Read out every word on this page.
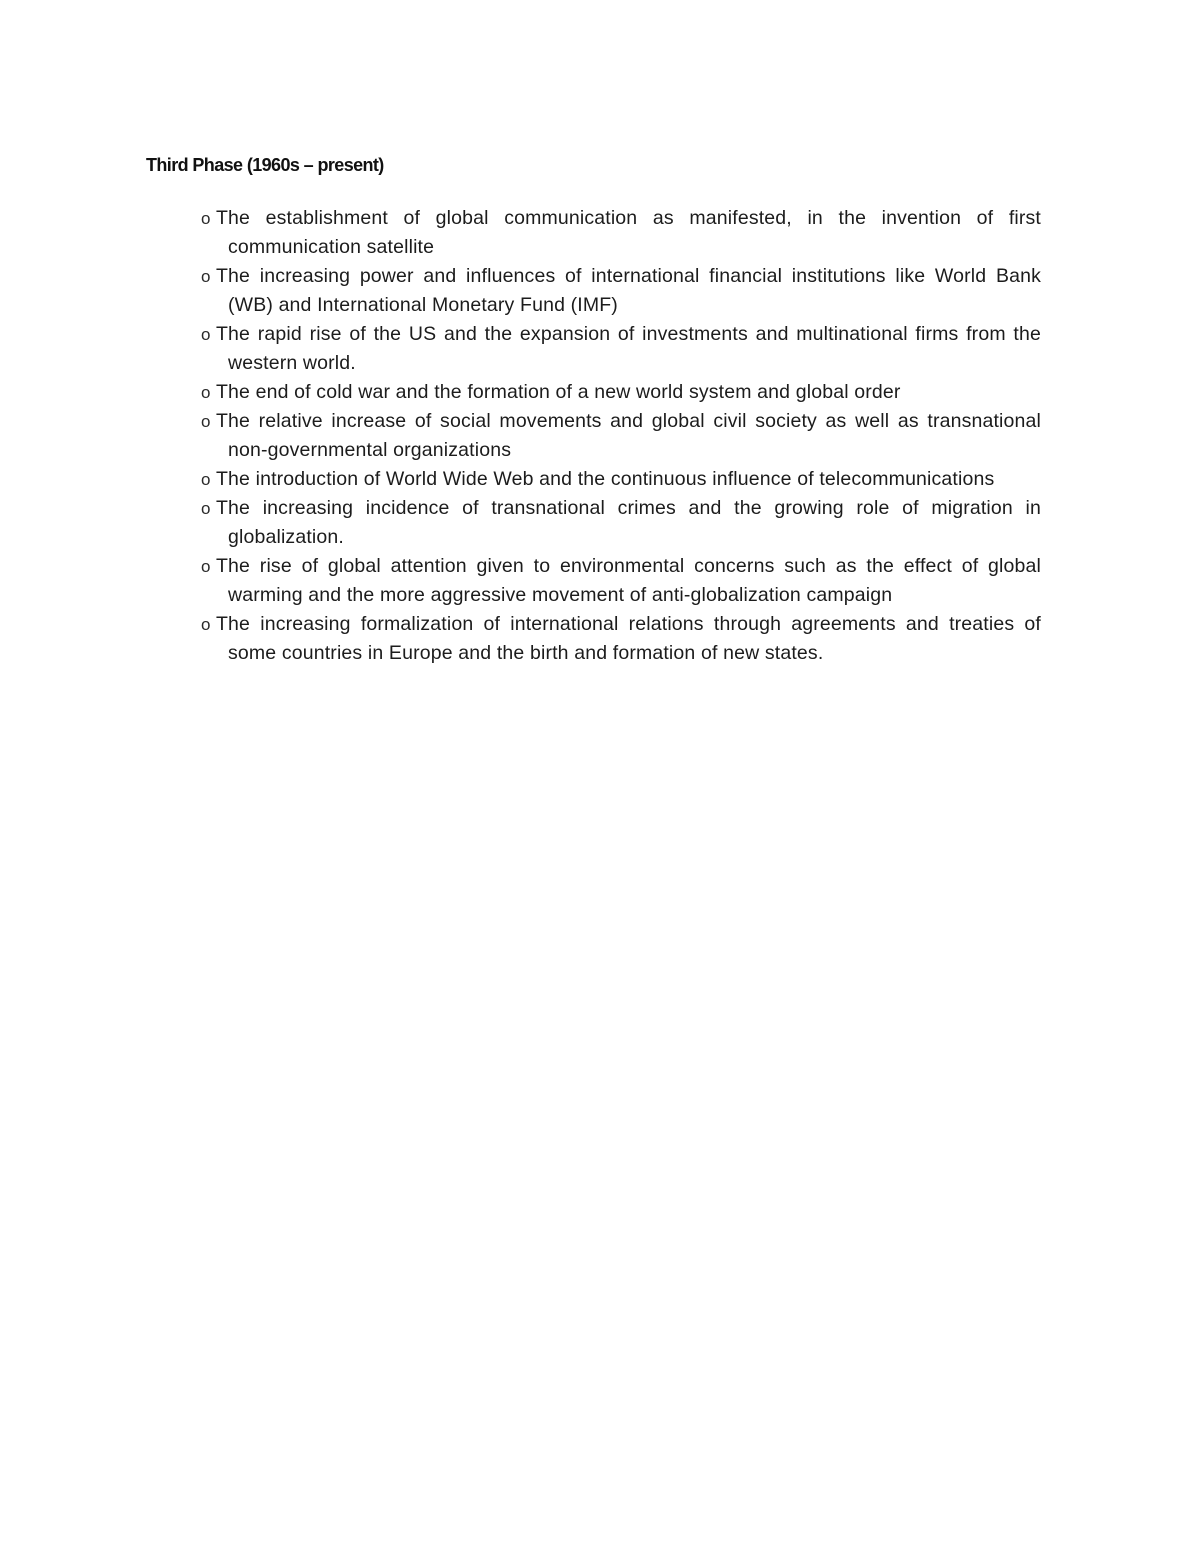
Third Phase (1960s – present)
o The establishment of global communication as manifested, in the invention of first communication satellite
o The increasing power and influences of international financial institutions like World Bank (WB) and International Monetary Fund (IMF)
o The rapid rise of the US and the expansion of investments and multinational firms from the western world.
o The end of cold war and the formation of a new world system and global order
o The relative increase of social movements and global civil society as well as transnational non-governmental organizations
o The introduction of World Wide Web and the continuous influence of telecommunications
o The increasing incidence of transnational crimes and the growing role of migration in globalization.
o The rise of global attention given to environmental concerns such as the effect of global warming and the more aggressive movement of anti-globalization campaign
o The increasing formalization of international relations through agreements and treaties of some countries in Europe and the birth and formation of new states.
